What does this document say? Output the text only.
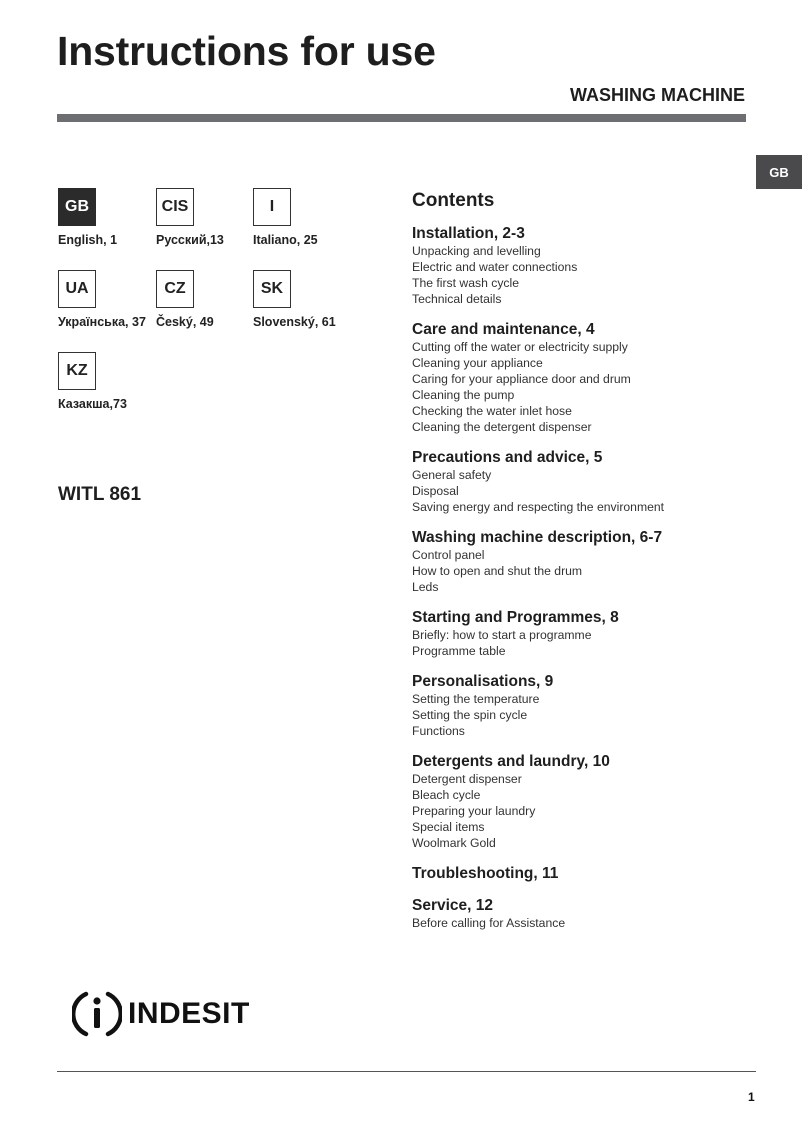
Instructions for use
WASHING MACHINE
GB
GB
English, 1
CIS
Русский,13
I
Italiano, 25
UA
Українська, 37
CZ
Český, 49
SK
Slovenský, 61
KZ
Казакша,73
WITL 861
Contents
Installation, 2-3
Unpacking and levelling
Electric and water connections
The first wash cycle
Technical details
Care and maintenance, 4
Cutting off the water or electricity supply
Cleaning your appliance
Caring for your appliance door and drum
Cleaning the pump
Checking the water inlet hose
Cleaning the detergent dispenser
Precautions and advice, 5
General safety
Disposal
Saving energy and respecting the environment
Washing machine description, 6-7
Control panel
How to open and shut the drum
Leds
Starting and Programmes, 8
Briefly: how to start a programme
Programme table
Personalisations, 9
Setting the temperature
Setting the spin cycle
Functions
Detergents and laundry, 10
Detergent dispenser
Bleach cycle
Preparing your laundry
Special items
Woolmark Gold
Troubleshooting, 11
Service, 12
Before calling for Assistance
INDESIT
1
